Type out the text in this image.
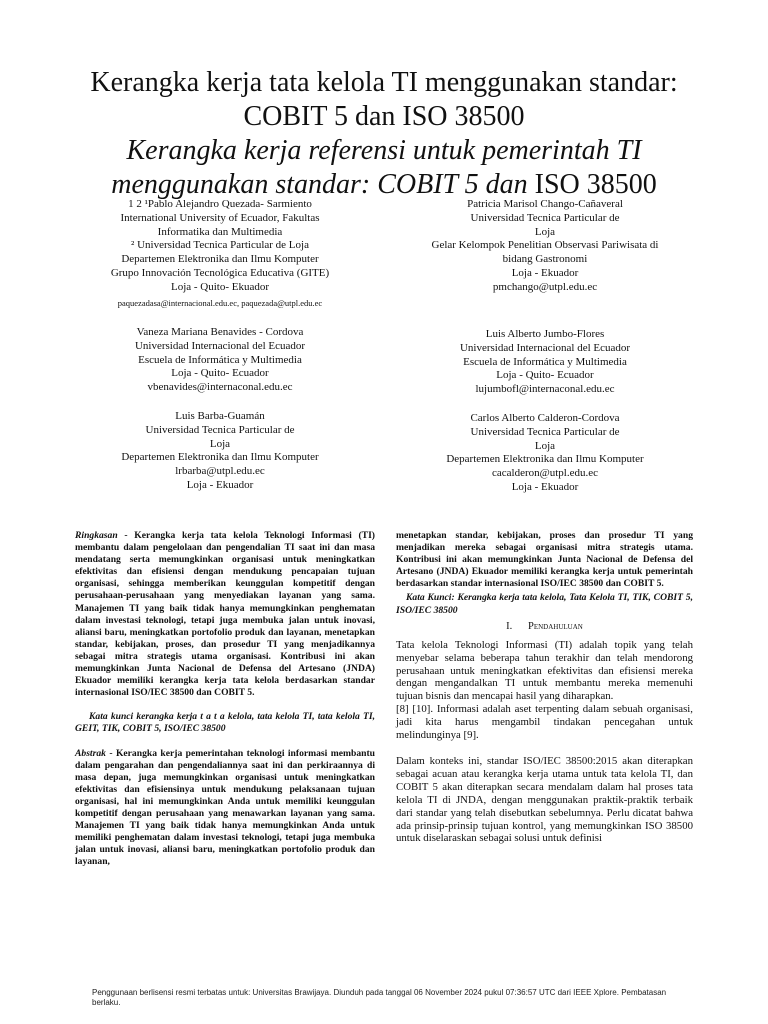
Kerangka kerja tata kelola TI menggunakan standar:
COBIT 5 dan ISO 38500
Kerangka kerja referensi untuk pemerintah TI
menggunakan standar: COBIT 5 dan ISO 38500
1 2 ¹Pablo Alejandro Quezada- Sarmiento
International University of Ecuador, Fakultas
Informatika dan Multimedia
² Universidad Tecnica Particular de Loja
Departemen Elektronika dan Ilmu Komputer
Grupo Innovación Tecnológica Educativa (GITE)
Loja - Quito- Ekuador
paquezadasa@internacional.edu.ec, paquezada@utpl.edu.ec
Patricia Marisol Chango-Cañaveral
Universidad Tecnica Particular de
Loja
Gelar Kelompok Penelitian Observasi Pariwisata di
bidang Gastronomi
Loja - Ekuador
pmchango@utpl.edu.ec
Vaneza Mariana Benavides - Cordova
Universidad Internacional del Ecuador
Escuela de Informática y Multimedia
Loja - Quito- Ecuador
vbenavides@internaconal.edu.ec
Luis Alberto Jumbo-Flores
Universidad Internacional del Ecuador
Escuela de Informática y Multimedia
Loja - Quito- Ecuador
lujumbofl@internaconal.edu.ec
Luis Barba-Guamán
Universidad Tecnica Particular de
Loja
Departemen Elektronika dan Ilmu Komputer
lrbarba@utpl.edu.ec
Loja - Ekuador
Carlos Alberto Calderon-Cordova
Universidad Tecnica Particular de
Loja
Departemen Elektronika dan Ilmu Komputer
cacalderon@utpl.edu.ec
Loja - Ekuador

Ringkasan - Kerangka kerja tata kelola Teknologi Informasi (TI) membantu dalam pengelolaan dan pengendalian TI saat ini dan masa mendatang serta memungkinkan organisasi untuk meningkatkan efektivitas dan efisiensi dengan mendukung pencapaian tujuan organisasi, sehingga memberikan keunggulan kompetitif dengan perusahaan-perusahaan yang menyediakan layanan yang sama. Manajemen TI yang baik tidak hanya memungkinkan penghematan dalam investasi teknologi, tetapi juga membuka jalan untuk inovasi, aliansi baru, meningkatkan portofolio produk dan layanan, menetapkan standar, kebijakan, proses, dan prosedur TI yang menjadikannya sebagai mitra strategis utama organisasi. Kontribusi ini akan memungkinkan Junta Nacional de Defensa del Artesano (JNDA) Ekuador memiliki kerangka kerja tata kelola berdasarkan standar internasional ISO/IEC 38500 dan COBIT 5.

Kata kunci kerangka kerja t a t a kelola, tata kelola TI, tata kelola TI, GEIT, TIK, COBIT 5, ISO/IEC 38500

Abstrak - Kerangka kerja pemerintahan teknologi informasi membantu dalam pengarahan dan pengendaliannya saat ini dan perkiraannya di masa depan, juga memungkinkan organisasi untuk meningkatkan efektivitas dan efisiensinya untuk mendukung pelaksanaan tujuan organisasi, hal ini memungkinkan Anda untuk memiliki keunggulan kompetitif dengan perusahaan yang menawarkan layanan yang sama. Manajemen TI yang baik tidak hanya memungkinkan Anda untuk memiliki penghematan dalam investasi teknologi, tetapi juga membuka jalan untuk inovasi, aliansi baru, meningkatkan portofolio produk dan layanan,

menetapkan standar, kebijakan, proses dan prosedur TI yang menjadikan mereka sebagai organisasi mitra strategis utama. Kontribusi ini akan memungkinkan Junta Nacional de Defensa del Artesano (JNDA) Ekuador memiliki kerangka kerja untuk pemerintah berdasarkan standar internasional ISO/IEC 38500 dan COBIT 5.

Kata Kunci: Kerangka kerja tata kelola, Tata Kelola TI, TIK, COBIT 5, ISO/IEC 38500

I. Pendahuluan

Tata kelola Teknologi Informasi (TI) adalah topik yang telah menyebar selama beberapa tahun terakhir dan telah mendorong perusahaan untuk meningkatkan efektivitas dan efisiensi mereka dengan mengandalkan TI untuk membantu mereka memenuhi tujuan bisnis dan mencapai hasil yang diharapkan.

[8] [10]. Informasi adalah aset terpenting dalam sebuah organisasi, jadi kita harus mengambil tindakan pencegahan untuk melindunginya [9].

Dalam konteks ini, standar ISO/IEC 38500:2015 akan diterapkan sebagai acuan atau kerangka kerja utama untuk tata kelola TI, dan COBIT 5 akan diterapkan secara mendalam dalam hal proses tata kelola TI di JNDA, dengan menggunakan praktik-praktik terbaik dari standar yang telah disebutkan sebelumnya. Perlu dicatat bahwa ada prinsip-prinsip tujuan kontrol, yang memungkinkan ISO 38500 untuk diselaraskan sebagai solusi untuk definisi

Penggunaan berlisensi resmi terbatas untuk: Universitas Brawijaya. Diunduh pada tanggal 06 November 2024 pukul 07:36:57 UTC dari IEEE Xplore. Pembatasan berlaku.
